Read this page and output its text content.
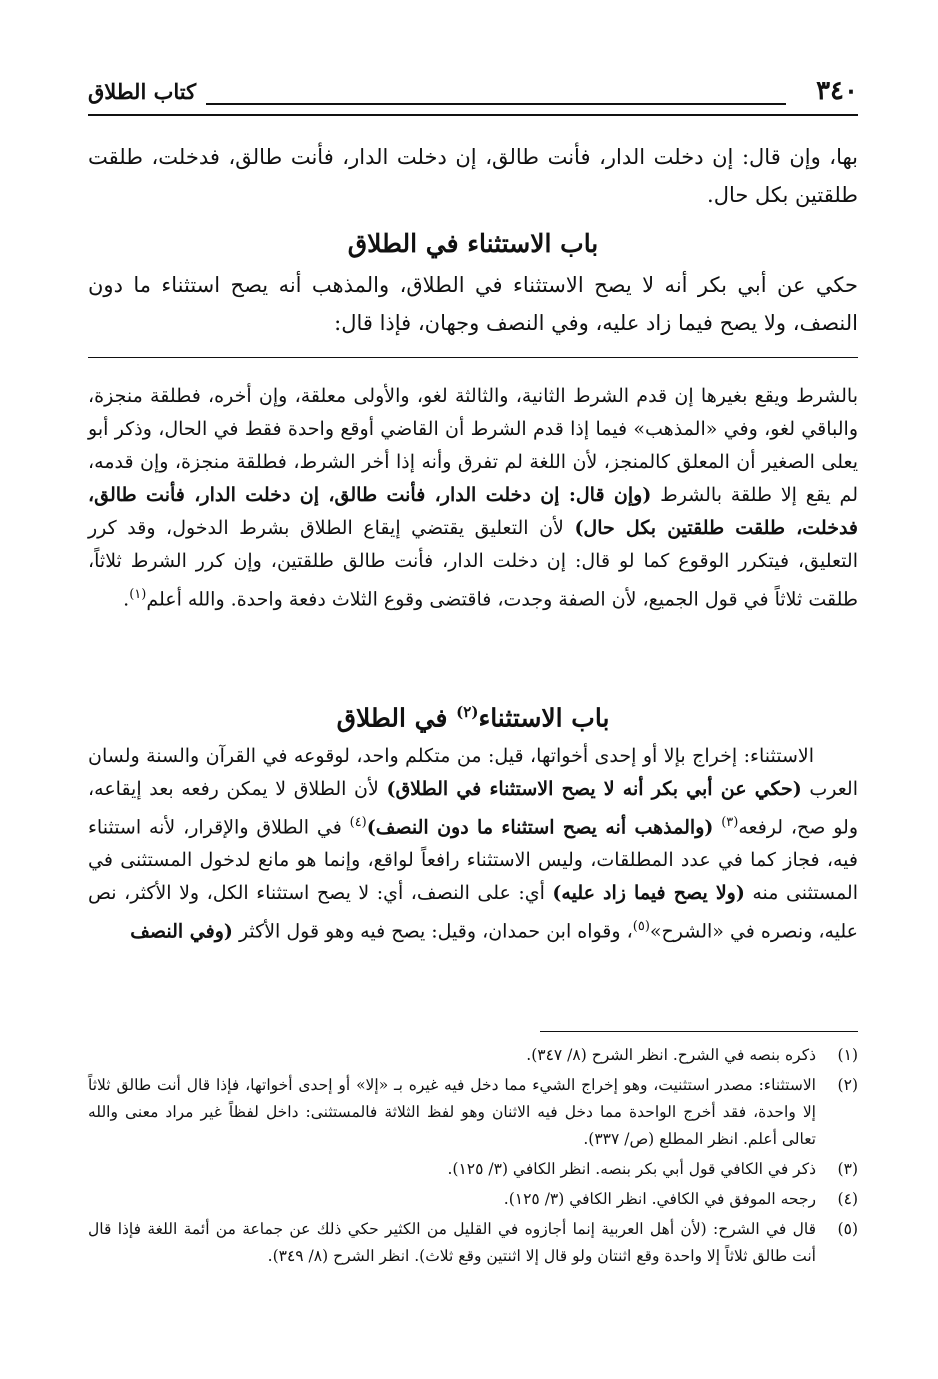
٣٤٠
كتاب الطلاق

بها، وإن قال: إن دخلت الدار، فأنت طالق، إن دخلت الدار، فأنت طالق، فدخلت، طلقت طلقتين بكل حال.

باب الاستثناء في الطلاق

حكي عن أبي بكر أنه لا يصح الاستثناء في الطلاق، والمذهب أنه يصح استثناء ما دون النصف، ولا يصح فيما زاد عليه، وفي النصف وجهان، فإذا قال:

بالشرط ويقع بغيرها إن قدم الشرط الثانية، والثالثة لغو، والأولى معلقة، وإن أخره، فطلقة منجزة، والباقي لغو، وفي «المذهب» فيما إذا قدم الشرط أن القاضي أوقع واحدة فقط في الحال، وذكر أبو يعلى الصغير أن المعلق كالمنجز، لأن اللغة لم تفرق وأنه إذا أخر الشرط، فطلقة منجزة، وإن قدمه، لم يقع إلا طلقة بالشرط (وإن قال: إن دخلت الدار، فأنت طالق، إن دخلت الدار، فأنت طالق، فدخلت، طلقت طلقتين بكل حال) لأن التعليق يقتضي إيقاع الطلاق بشرط الدخول، وقد كرر التعليق، فيتكرر الوقوع كما لو قال: إن دخلت الدار، فأنت طالق طلقتين، وإن كرر الشرط ثلاثاً، طلقت ثلاثاً في قول الجميع، لأن الصفة وجدت، فاقتضى وقوع الثلاث دفعة واحدة. والله أعلم$^{(١)}$.

باب الاستثناء$^{(٢)}$ في الطلاق

الاستثناء: إخراج بإلا أو إحدى أخواتها، قيل: من متكلم واحد، لوقوعه في القرآن والسنة ولسان العرب (حكي عن أبي بكر أنه لا يصح الاستثناء في الطلاق) لأن الطلاق لا يمكن رفعه بعد إيقاعه، ولو صح، لرفعه$^{(٣)}$ (والمذهب أنه يصح استثناء ما دون النصف)$^{(٤)}$ في الطلاق والإقرار، لأنه استثناء فيه، فجاز كما في عدد المطلقات، وليس الاستثناء رافعاً لواقع، وإنما هو مانع لدخول المستثنى في المستثنى منه (ولا يصح فيما زاد عليه) أي: على النصف، أي: لا يصح استثناء الكل، ولا الأكثر، نص عليه، ونصره في «الشرح»$^{(٥)}$، وقواه ابن حمدان، وقيل: يصح فيه وهو قول الأكثر (وفي النصف

(١)

ذكره بنصه في الشرح. انظر الشرح (٨/ ٣٤٧).

(٢)

الاستثناء: مصدر استثنيت، وهو إخراج الشيء مما دخل فيه غيره بـ «إلا» أو إحدى أخواتها، فإذا قال أنت طالق ثلاثاً إلا واحدة، فقد أخرج الواحدة مما دخل فيه الاثنان وهو لفظ الثلاثة فالمستثنى: داخل لفظاً غير مراد معنى والله تعالى أعلم. انظر المطلع (ص/ ٣٣٧).

(٣)

ذكر في الكافي قول أبي بكر بنصه. انظر الكافي (٣/ ١٢٥).

(٤)

رجحه الموفق في الكافي. انظر الكافي (٣/ ١٢٥).

(٥)

قال في الشرح: (لأن أهل العربية إنما أجازوه في القليل من الكثير حكي ذلك عن جماعة من أئمة اللغة فإذا قال أنت طالق ثلاثاً إلا واحدة وقع اثنتان ولو قال إلا اثنتين وقع ثلاث). انظر الشرح (٨/ ٣٤٩).
